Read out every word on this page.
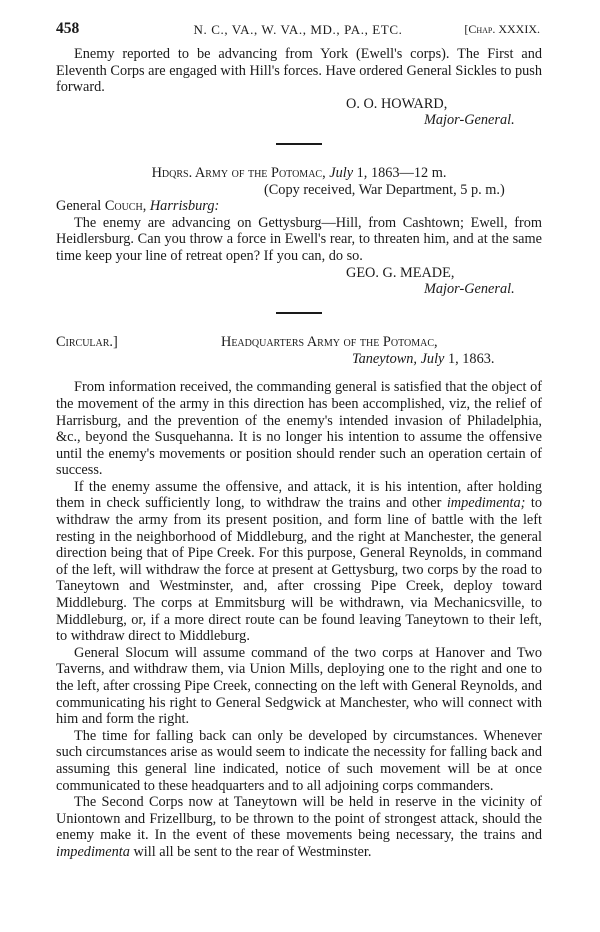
458	N. C., VA., W. VA., MD., PA., ETC.	[Chap. XXXIX.

Enemy reported to be advancing from York (Ewell's corps). The First and Eleventh Corps are engaged with Hill's forces. Have ordered General Sickles to push forward.

O. O. HOWARD,
Major-General.
Hdqrs. Army of the Potomac, July 1, 1863—12 m.
(Copy received, War Department, 5 p. m.)
General Couch, Harrisburg:

The enemy are advancing on Gettysburg—Hill, from Cashtown; Ewell, from Heidlersburg. Can you throw a force in Ewell's rear, to threaten him, and at the same time keep your line of retreat open? If you can, do so.

GEO. G. MEADE,
Major-General.
Circular.]	Headquarters Army of the Potomac,
Taneytown, July 1, 1863.

From information received, the commanding general is satisfied that the object of the movement of the army in this direction has been accomplished, viz, the relief of Harrisburg, and the prevention of the enemy's intended invasion of Philadelphia, &c., beyond the Susquehanna. It is no longer his intention to assume the offensive until the enemy's movements or position should render such an operation certain of success.

If the enemy assume the offensive, and attack, it is his intention, after holding them in check sufficiently long, to withdraw the trains and other impedimenta; to withdraw the army from its present position, and form line of battle with the left resting in the neighborhood of Middleburg, and the right at Manchester, the general direction being that of Pipe Creek. For this purpose, General Reynolds, in command of the left, will withdraw the force at present at Gettysburg, two corps by the road to Taneytown and Westminster, and, after crossing Pipe Creek, deploy toward Middleburg. The corps at Emmitsburg will be withdrawn, via Mechanicsville, to Middleburg, or, if a more direct route can be found leaving Taneytown to their left, to withdraw direct to Middleburg.

General Slocum will assume command of the two corps at Hanover and Two Taverns, and withdraw them, via Union Mills, deploying one to the right and one to the left, after crossing Pipe Creek, connecting on the left with General Reynolds, and communicating his right to General Sedgwick at Manchester, who will connect with him and form the right.

The time for falling back can only be developed by circumstances. Whenever such circumstances arise as would seem to indicate the necessity for falling back and assuming this general line indicated, notice of such movement will be at once communicated to these headquarters and to all adjoining corps commanders.

The Second Corps now at Taneytown will be held in reserve in the vicinity of Uniontown and Frizellburg, to be thrown to the point of strongest attack, should the enemy make it. In the event of these movements being necessary, the trains and impedimenta will all be sent to the rear of Westminster.
